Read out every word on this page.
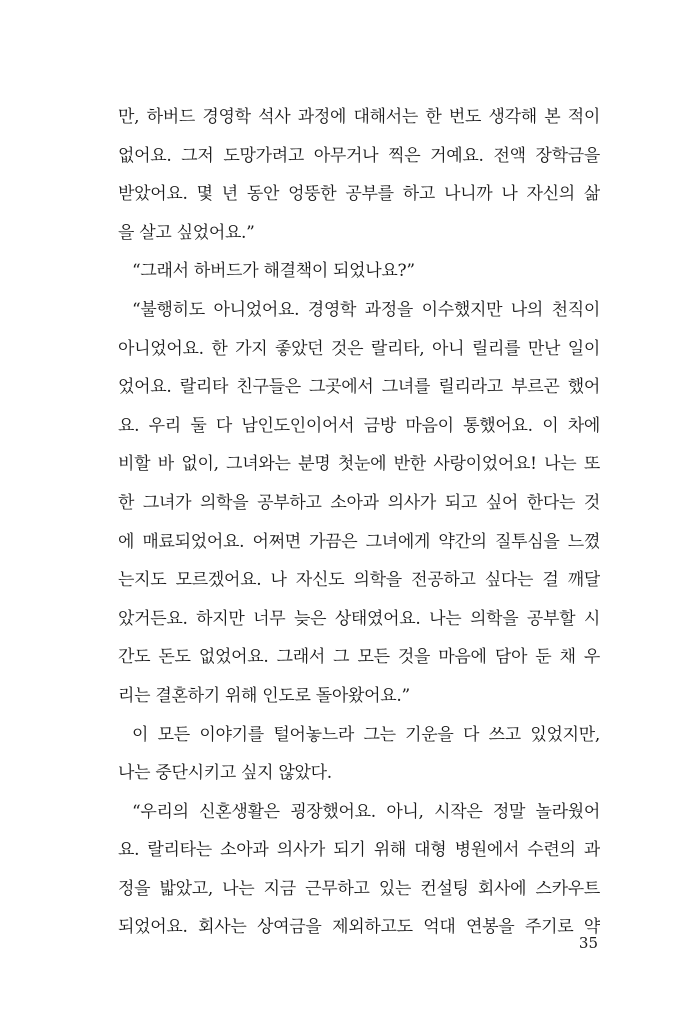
만, 하버드 경영학 석사 과정에 대해서는 한 번도 생각해 본 적이
없어요. 그저 도망가려고 아무거나 찍은 거예요. 전액 장학금을
받았어요. 몇 년 동안 엉뚱한 공부를 하고 나니까 나 자신의 삶
을 살고 싶었어요.”
“그래서 하버드가 해결책이 되었나요?”
“불행히도 아니었어요. 경영학 과정을 이수했지만 나의 천직이
아니었어요. 한 가지 좋았던 것은 랄리타, 아니 릴리를 만난 일이
었어요. 랄리타 친구들은 그곳에서 그녀를 릴리라고 부르곤 했어
요. 우리 둘 다 남인도인이어서 금방 마음이 통했어요. 이 차에
비할 바 없이, 그녀와는 분명 첫눈에 반한 사랑이었어요! 나는 또
한 그녀가 의학을 공부하고 소아과 의사가 되고 싶어 한다는 것
에 매료되었어요. 어쩌면 가끔은 그녀에게 약간의 질투심을 느꼈
는지도 모르겠어요. 나 자신도 의학을 전공하고 싶다는 걸 깨달
았거든요. 하지만 너무 늦은 상태였어요. 나는 의학을 공부할 시
간도 돈도 없었어요. 그래서 그 모든 것을 마음에 담아 둔 채 우
리는 결혼하기 위해 인도로 돌아왔어요.”
이 모든 이야기를 털어놓느라 그는 기운을 다 쓰고 있었지만,
나는 중단시키고 싶지 않았다.
“우리의 신혼생활은 굉장했어요. 아니, 시작은 정말 놀라웠어
요. 랄리타는 소아과 의사가 되기 위해 대형 병원에서 수련의 과
정을 밟았고, 나는 지금 근무하고 있는 컨설팅 회사에 스카우트
되었어요. 회사는 상여금을 제외하고도 억대 연봉을 주기로 약
35
